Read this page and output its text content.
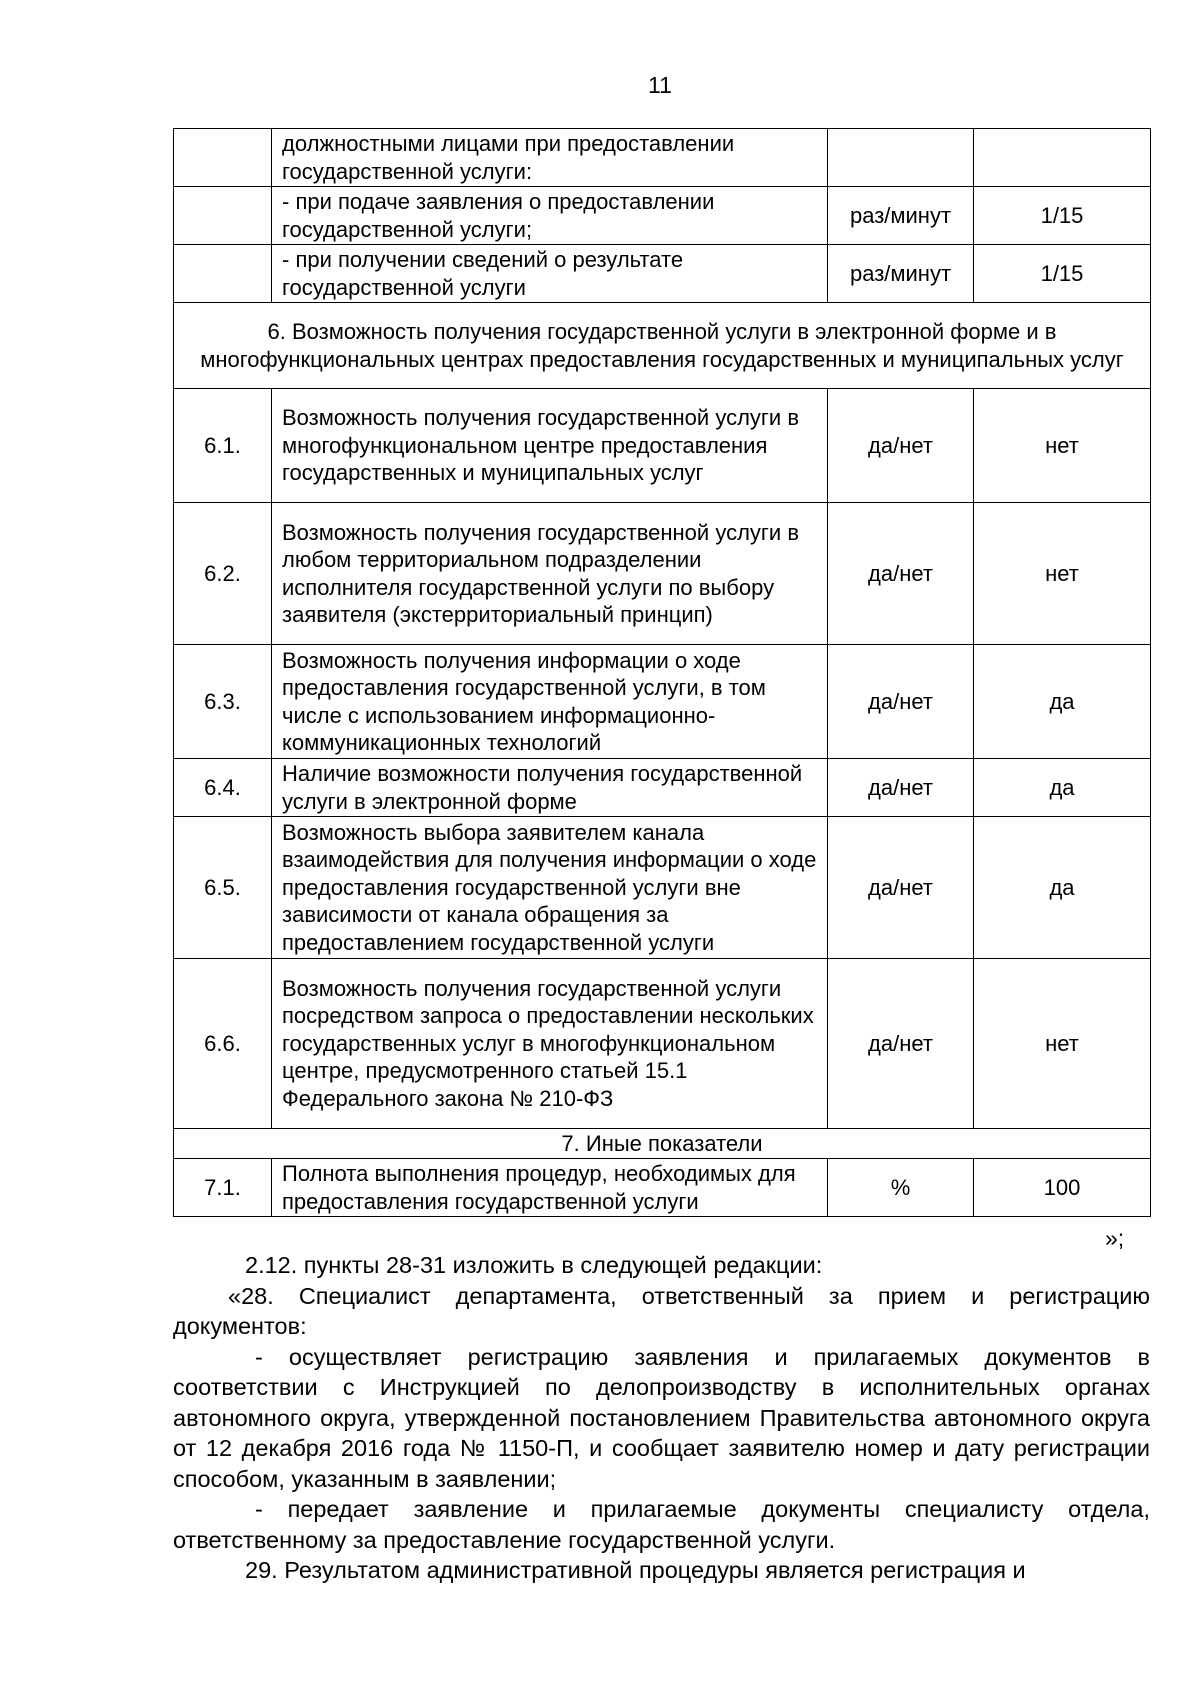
11
	должностными лицами при предоставлении государственной услуги:		
	- при подаче заявления о предоставлении государственной услуги;	раз/минут	1/15
	- при получении сведений о результате государственной услуги	раз/минут	1/15
6. Возможность получения государственной услуги в электронной форме и в многофункциональных центрах предоставления государственных и муниципальных услуг			
6.1.	Возможность получения государственной услуги в многофункциональном центре предоставления государственных и муниципальных услуг	да/нет	нет
6.2.	Возможность получения государственной услуги в любом территориальном подразделении исполнителя государственной услуги по выбору заявителя (экстерриториальный принцип)	да/нет	нет
6.3.	Возможность получения информации о ходе предоставления государственной услуги, в том числе с использованием информационно-коммуникационных технологий	да/нет	да
6.4.	Наличие возможности получения государственной услуги в электронной форме	да/нет	да
6.5.	Возможность выбора заявителем канала взаимодействия для получения информации о ходе предоставления государственной услуги вне зависимости от канала обращения за предоставлением государственной услуги	да/нет	да
6.6.	Возможность получения государственной услуги посредством запроса о предоставлении нескольких государственных услуг в многофункциональном центре, предусмотренного статьей 15.1 Федерального закона № 210-ФЗ	да/нет	нет
7. Иные показатели			
7.1.	Полнота выполнения процедур, необходимых для предоставления государственной услуги	%	100
»;

2.12. пункты 28-31 изложить в следующей редакции:

«28. Специалист департамента, ответственный за прием и регистрацию документов:

- осуществляет регистрацию заявления и прилагаемых документов в соответствии с Инструкцией по делопроизводству в исполнительных органах автономного округа, утвержденной постановлением Правительства автономного округа от 12 декабря 2016 года № 1150-П, и сообщает заявителю номер и дату регистрации способом, указанным в заявлении;

- передает заявление и прилагаемые документы специалисту отдела, ответственному за предоставление государственной услуги.

29. Результатом административной процедуры является регистрация и
